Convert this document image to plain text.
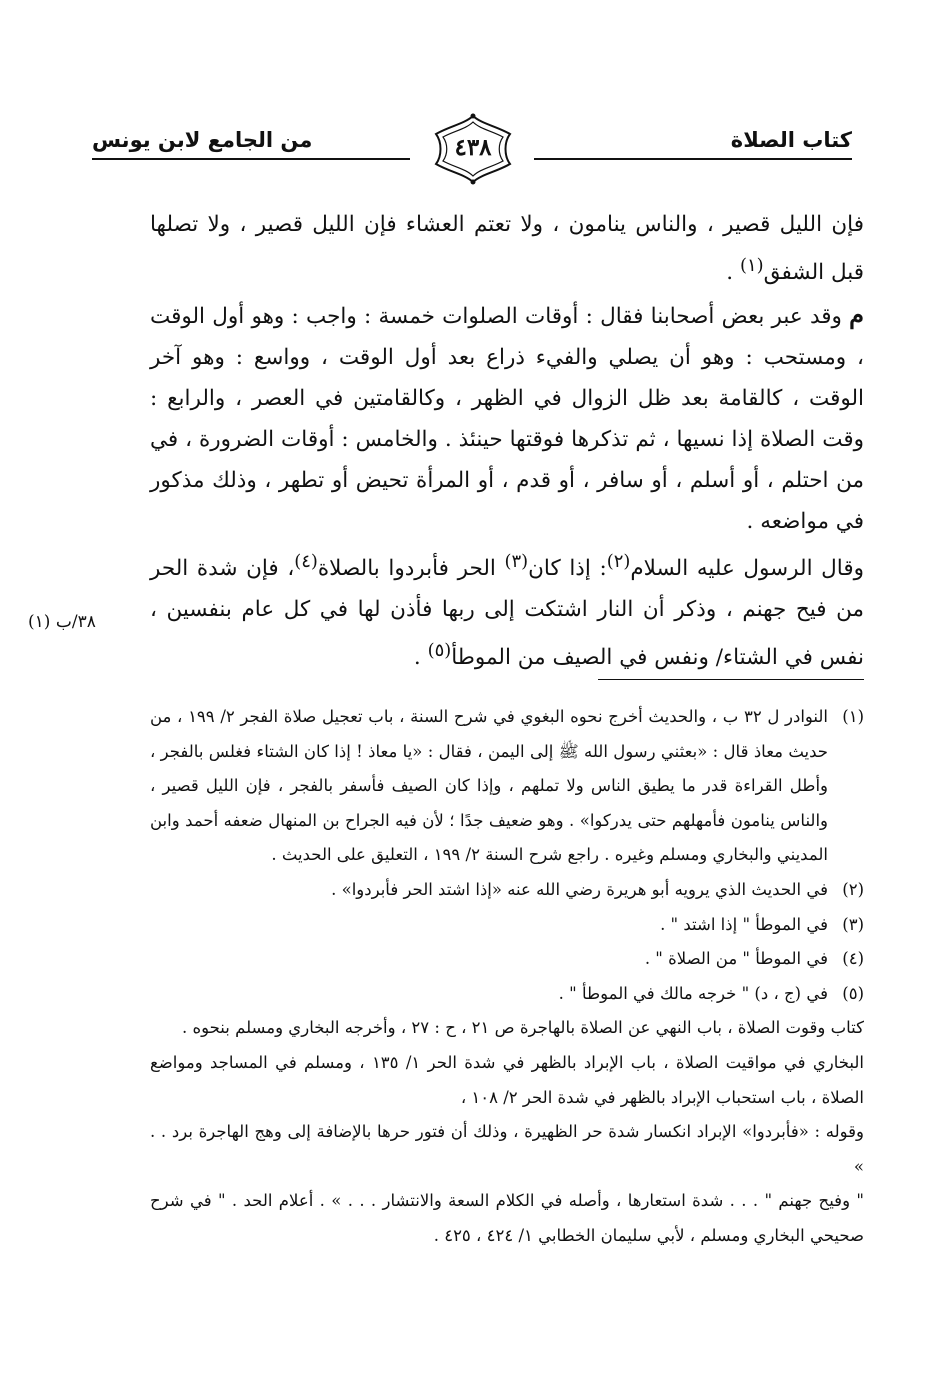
كتاب الصلاة
٤٣٨
من الجامع لابن يونس

فإن الليل قصير ، والناس ينامون ، ولا تعتم العشاء فإن الليل قصير ، ولا تصلها قبل الشفق$^{(١)}$ .

م وقد عبر بعض أصحابنا فقال : أوقات الصلوات خمسة : واجب : وهو أول الوقت ، ومستحب : وهو أن يصلي والفيء ذراع بعد أول الوقت ، وواسع : وهو آخر الوقت ، كالقامة بعد ظل الزوال في الظهر ، وكالقامتين في العصر ، والرابع : وقت الصلاة إذا نسيها ، ثم تذكرها فوقتها حينئذ . والخامس : أوقات الضرورة ، في من احتلم ، أو أسلم ، أو سافر ، أو قدم ، أو المرأة تحيض أو تطهر ، وذلك مذكور في مواضعه .

وقال الرسول عليه السلام$^{(٢)}$: إذا كان$^{(٣)}$ الحر فأبردوا بالصلاة$^{(٤)}$، فإن شدة الحر من فيح جهنم ، وذكر أن النار اشتكت إلى ربها فأذن لها في كل عام بنفسين ، نفس في الشتاء/ ونفس في الصيف من الموطأ$^{(٥)}$ .

٣٨/ب (١)
(١)
النوادر ل ٣٢ ب ، والحديث أخرج نحوه البغوي في شرح السنة ، باب تعجيل صلاة الفجر ٢/ ١٩٩ ، من حديث معاذ قال : «بعثني رسول الله ﷺ إلى اليمن ، فقال : «يا معاذ ! إذا كان الشتاء فغلس بالفجر ، وأطل القراءة قدر ما يطيق الناس ولا تملهم ، وإذا كان الصيف فأسفر بالفجر ، فإن الليل قصير ، والناس ينامون فأمهلهم حتى يدركوا» . وهو ضعيف جدًا ؛ لأن فيه الجراح بن المنهال ضعفه أحمد وابن المديني والبخاري ومسلم وغيره . راجع شرح السنة ٢/ ١٩٩ ، التعليق على الحديث .
(٢)
في الحديث الذي يرويه أبو هريرة رضي الله عنه «إذا اشتد الحر فأبردوا» .
(٣)
في الموطأ " إذا اشتد " .
(٤)
في الموطأ " من الصلاة " .
(٥)
في (ج ، د) " خرجه مالك في الموطأ " .

كتاب وقوت الصلاة ، باب النهي عن الصلاة بالهاجرة ص ٢١ ، ح : ٢٧ ، وأخرجه البخاري ومسلم بنحوه .

البخاري في مواقيت الصلاة ، باب الإبراد بالظهر في شدة الحر ١/ ١٣٥ ، ومسلم في المساجد ومواضع الصلاة ، باب استحباب الإبراد بالظهر في شدة الحر ٢/ ١٠٨ ،

وقوله : «فأبردوا» الإبراد انكسار شدة حر الظهيرة ، وذلك أن فتور حرها بالإضافة إلى وهج الهاجرة برد . . »

" وفيح جهنم " . . . شدة استعارها ، وأصله في الكلام السعة والانتشار . . . » . أعلام الحد . " في شرح صحيحي البخاري ومسلم ، لأبي سليمان الخطابي ١/ ٤٢٤ ، ٤٢٥ .
